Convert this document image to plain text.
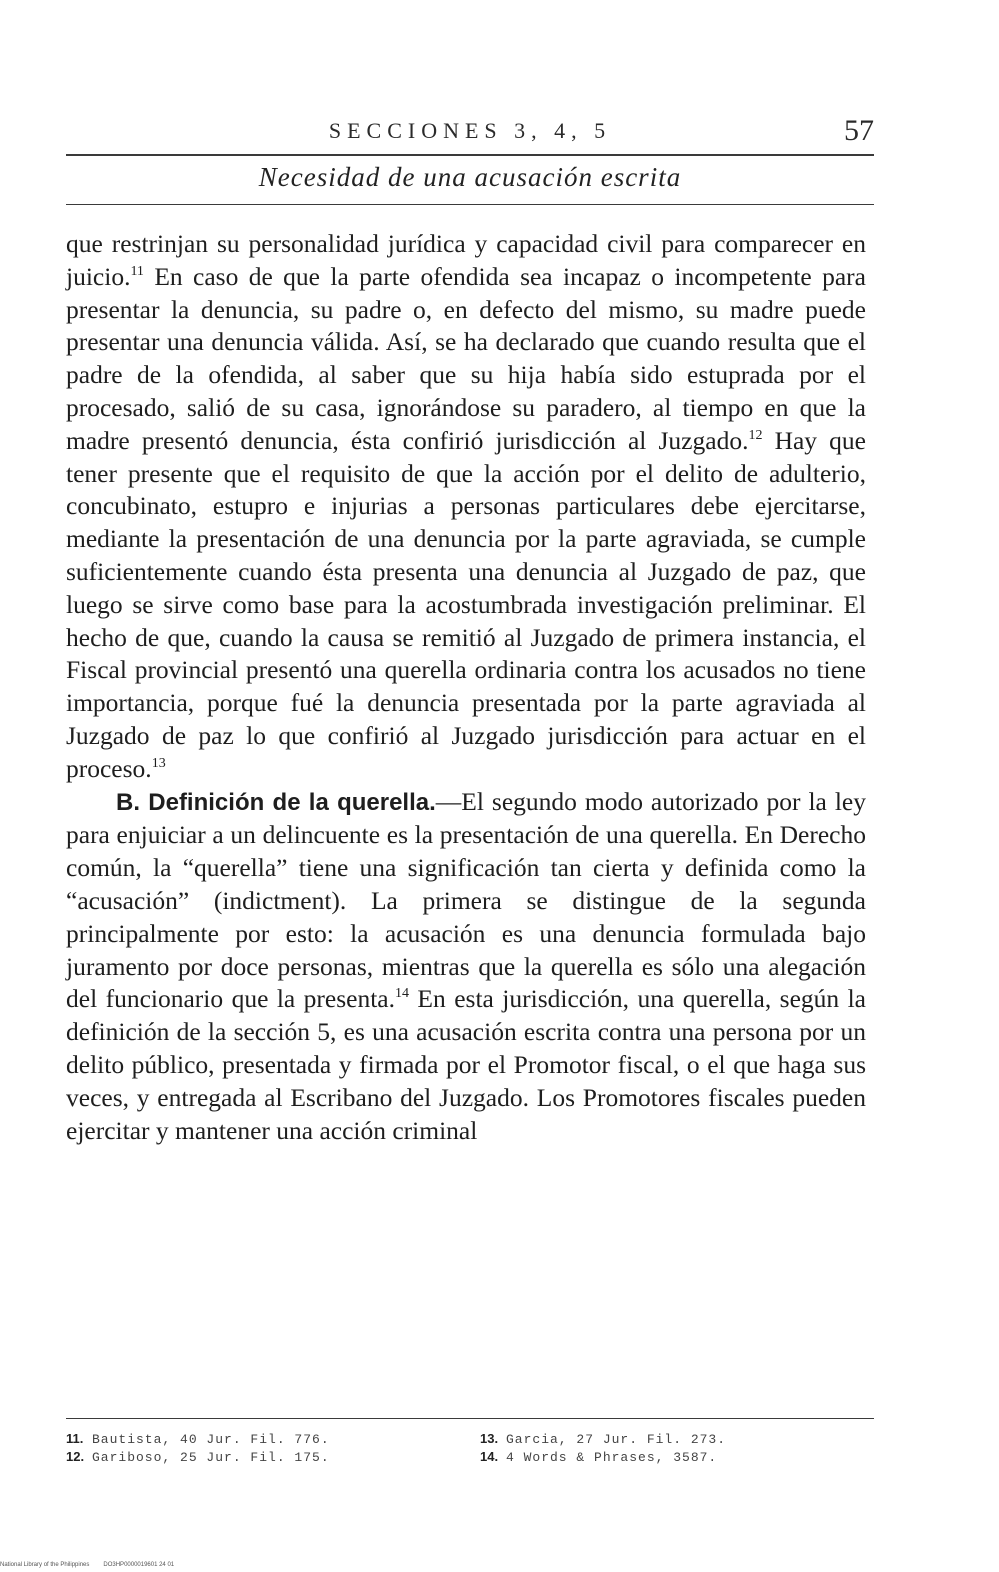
SECCIONES 3, 4, 5	57
Necesidad de una acusación escrita

que restrinjan su personalidad jurídica y capacidad civil para comparecer en juicio.$^{11}$ En caso de que la parte ofendida sea incapaz o incompetente para presentar la denuncia, su padre o, en defecto del mismo, su madre puede presentar una denuncia válida. Así, se ha declarado que cuando resulta que el padre de la ofendida, al saber que su hija había sido estuprada por el procesado, salió de su casa, ignorándose su paradero, al tiempo en que la madre presentó denuncia, ésta confirió jurisdicción al Juzgado.$^{12}$ Hay que tener presente que el requisito de que la acción por el delito de adulterio, concubinato, estupro e injurias a personas particulares debe ejercitarse, mediante la presentación de una denuncia por la parte agraviada, se cumple suficientemente cuando ésta presenta una denuncia al Juzgado de paz, que luego se sirve como base para la acostumbrada investigación preliminar. El hecho de que, cuando la causa se remitió al Juzgado de primera instancia, el Fiscal provincial presentó una querella ordinaria contra los acusados no tiene importancia, porque fué la denuncia presentada por la parte agraviada al Juzgado de paz lo que confirió al Juzgado jurisdicción para actuar en el proceso.$^{13}$

B. Definición de la querella.—El segundo modo autorizado por la ley para enjuiciar a un delincuente es la presentación de una querella. En Derecho común, la “querella” tiene una significación tan cierta y definida como la “acusación” (indictment). La primera se distingue de la segunda principalmente por esto: la acusación es una denuncia formulada bajo juramento por doce personas, mientras que la querella es sólo una alegación del funcionario que la presenta.$^{14}$ En esta jurisdicción, una querella, según la definición de la sección 5, es una acusación escrita contra una persona por un delito público, presentada y firmada por el Promotor fiscal, o el que haga sus veces, y entregada al Escribano del Juzgado. Los Promotores fiscales pueden ejercitar y mantener una acción criminal

11. Bautista, 40 Jur. Fil. 776.
12. Gariboso, 25 Jur. Fil. 175.
13. Garcia, 27 Jur. Fil. 273.
14. 4 Words & Phrases, 3587.
National Library of the Philippines DO3HP0000019601 24 01
